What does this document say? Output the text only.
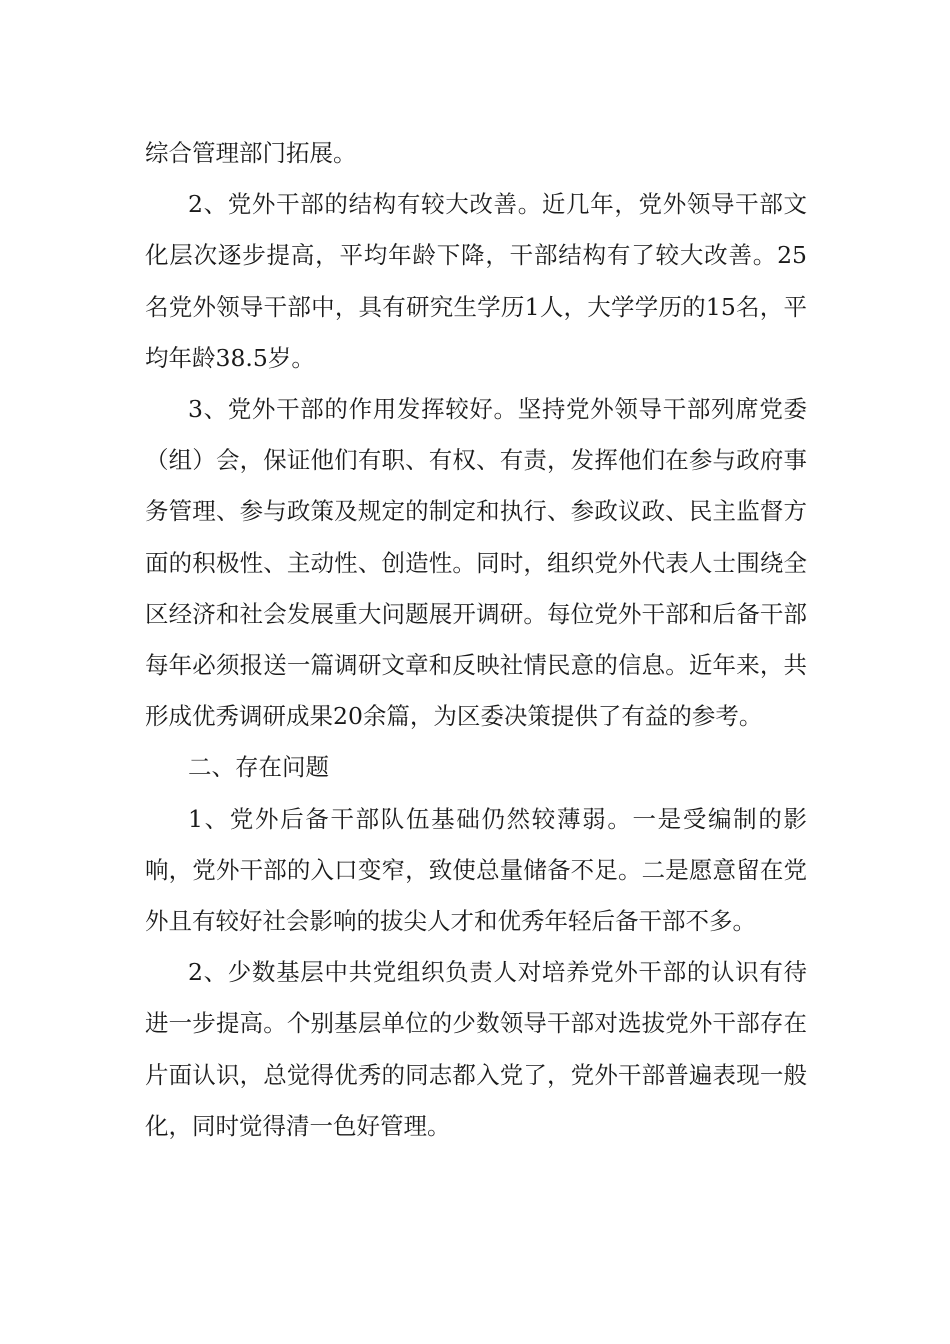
综合管理部门拓展。

2、党外干部的结构有较大改善。近几年，党外领导干部文化层次逐步提高，平均年龄下降，干部结构有了较大改善。25名党外领导干部中，具有研究生学历1人，大学学历的15名，平均年龄38.5岁。

3、党外干部的作用发挥较好。坚持党外领导干部列席党委（组）会，保证他们有职、有权、有责，发挥他们在参与政府事务管理、参与政策及规定的制定和执行、参政议政、民主监督方面的积极性、主动性、创造性。同时，组织党外代表人士围绕全区经济和社会发展重大问题展开调研。每位党外干部和后备干部每年必须报送一篇调研文章和反映社情民意的信息。近年来，共形成优秀调研成果20余篇，为区委决策提供了有益的参考。

二、存在问题

1、党外后备干部队伍基础仍然较薄弱。一是受编制的影响，党外干部的入口变窄，致使总量储备不足。二是愿意留在党外且有较好社会影响的拔尖人才和优秀年轻后备干部不多。

2、少数基层中共党组织负责人对培养党外干部的认识有待进一步提高。个别基层单位的少数领导干部对选拔党外干部存在片面认识，总觉得优秀的同志都入党了，党外干部普遍表现一般化，同时觉得清一色好管理。
